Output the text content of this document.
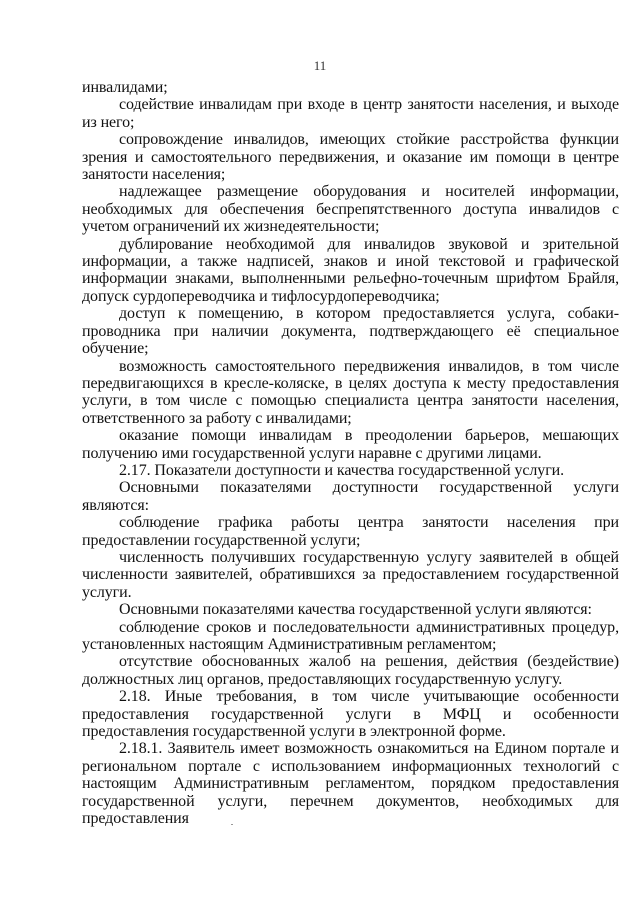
11

инвалидами;

содействие инвалидам при входе в центр занятости населения, и выходе из него;

сопровождение инвалидов, имеющих стойкие расстройства функции зрения и самостоятельного передвижения, и оказание им помощи в центре занятости населения;

надлежащее размещение оборудования и носителей информации, необходимых для обеспечения беспрепятственного доступа инвалидов с учетом ограничений их жизнедеятельности;

дублирование необходимой для инвалидов звуковой и зрительной информации, а также надписей, знаков и иной текстовой и графической информации знаками, выполненными рельефно-точечным шрифтом Брайля, допуск сурдопереводчика и тифлосурдопереводчика;

доступ к помещению, в котором предоставляется услуга, собаки-проводника при наличии документа, подтверждающего её специальное обучение;

возможность самостоятельного передвижения инвалидов, в том числе передвигающихся в кресле-коляске, в целях доступа к месту предоставления услуги, в том числе с помощью специалиста центра занятости населения, ответственного за работу с инвалидами;

оказание помощи инвалидам в преодолении барьеров, мешающих получению ими государственной услуги наравне с другими лицами.

2.17. Показатели доступности и качества государственной услуги.

Основными показателями доступности государственной услуги являются:

соблюдение графика работы центра занятости населения при предоставлении государственной услуги;

численность получивших государственную услугу заявителей в общей численности заявителей, обратившихся за предоставлением государственной услуги.

Основными показателями качества государственной услуги являются:

соблюдение сроков и последовательности административных процедур, установленных настоящим Административным регламентом;

отсутствие обоснованных жалоб на решения, действия (бездействие) должностных лиц органов, предоставляющих государственную услугу.

2.18. Иные требования, в том числе учитывающие особенности предоставления государственной услуги в МФЦ и особенности предоставления государственной услуги в электронной форме.

2.18.1. Заявитель имеет возможность ознакомиться на Едином портале и региональном портале с использованием информационных технологий с настоящим Административным регламентом, порядком предоставления государственной услуги, перечнем документов, необходимых для предоставления
